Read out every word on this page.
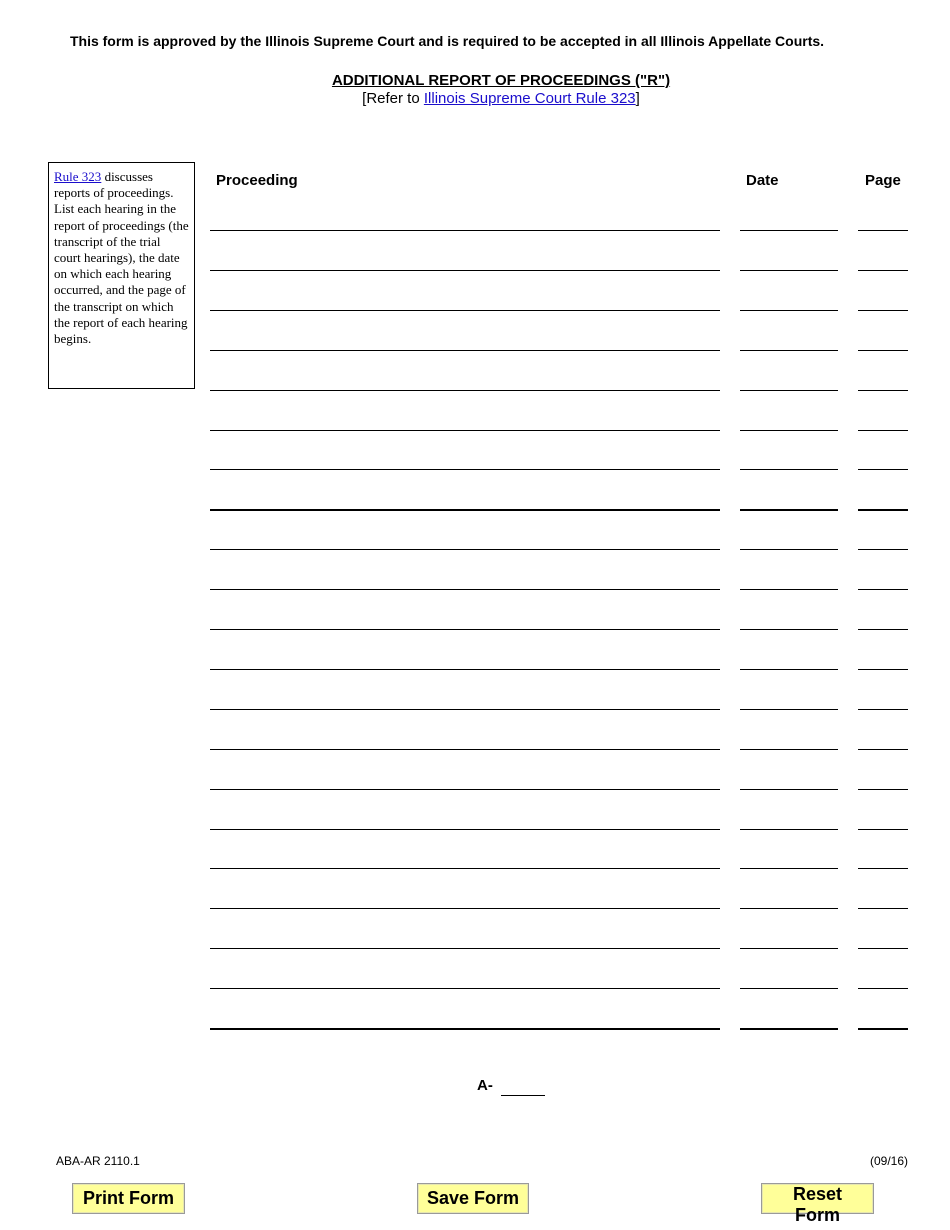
This form is approved by the Illinois Supreme Court and is required to be accepted in all Illinois Appellate Courts.
ADDITIONAL REPORT OF PROCEEDINGS ("R")
[Refer to Illinois Supreme Court Rule 323]
Rule 323 discusses reports of proceedings. List each hearing in the report of proceedings (the transcript of the trial court hearings), the date on which each hearing occurred, and the page of the transcript on which the report of each hearing begins.
Proceeding	Date	Page
A-
ABA-AR 2110.1	(09/16)
Print Form	Save Form	Reset Form
